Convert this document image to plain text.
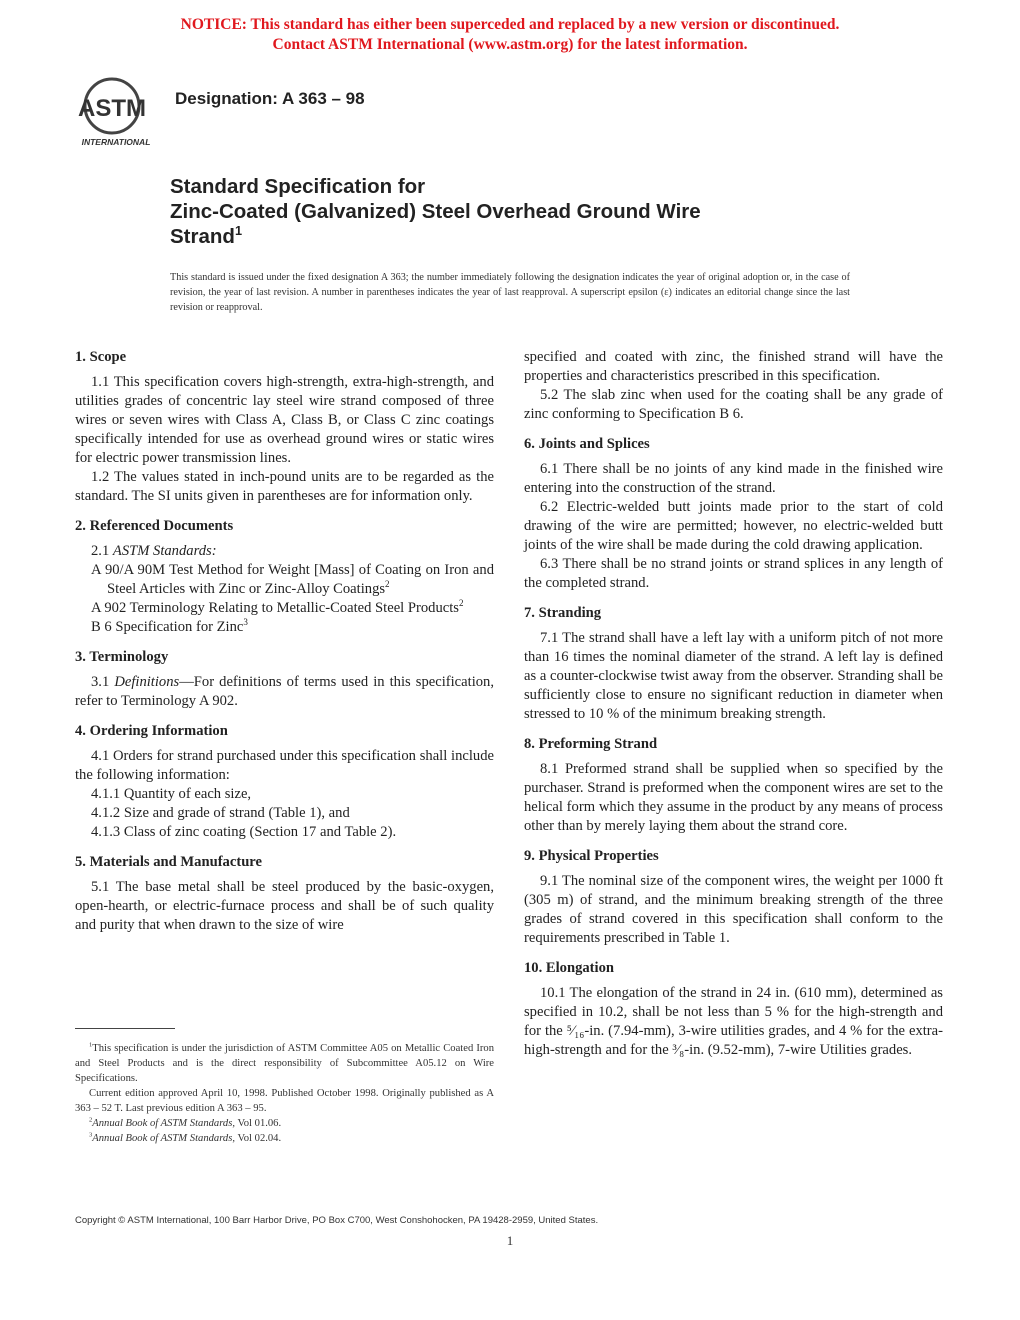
NOTICE: This standard has either been superceded and replaced by a new version or discontinued.
Contact ASTM International (www.astm.org) for the latest information.
ASTM
INTERNATIONAL
Designation: A 363 – 98
Standard Specification for
Zinc-Coated (Galvanized) Steel Overhead Ground Wire
Strand$^1$
This standard is issued under the fixed designation A 363; the number immediately following the designation indicates the year of original adoption or, in the case of revision, the year of last revision. A number in parentheses indicates the year of last reapproval. A superscript epsilon (ε) indicates an editorial change since the last revision or reapproval.
1. Scope

1.1 This specification covers high-strength, extra-high-strength, and utilities grades of concentric lay steel wire strand composed of three wires or seven wires with Class A, Class B, or Class C zinc coatings specifically intended for use as overhead ground wires or static wires for electric power transmission lines.

1.2 The values stated in inch-pound units are to be regarded as the standard. The SI units given in parentheses are for information only.

2. Referenced Documents

2.1 ASTM Standards:

A 90/A 90M Test Method for Weight [Mass] of Coating on Iron and Steel Articles with Zinc or Zinc-Alloy Coatings$^2$

A 902 Terminology Relating to Metallic-Coated Steel Products$^2$

B 6 Specification for Zinc$^3$

3. Terminology

3.1 Definitions—For definitions of terms used in this specification, refer to Terminology A 902.

4. Ordering Information

4.1 Orders for strand purchased under this specification shall include the following information:

4.1.1 Quantity of each size,

4.1.2 Size and grade of strand (Table 1), and

4.1.3 Class of zinc coating (Section 17 and Table 2).

5. Materials and Manufacture

5.1 The base metal shall be steel produced by the basic-oxygen, open-hearth, or electric-furnace process and shall be of such quality and purity that when drawn to the size of wire

specified and coated with zinc, the finished strand will have the properties and characteristics prescribed in this specification.

5.2 The slab zinc when used for the coating shall be any grade of zinc conforming to Specification B 6.

6. Joints and Splices

6.1 There shall be no joints of any kind made in the finished wire entering into the construction of the strand.

6.2 Electric-welded butt joints made prior to the start of cold drawing of the wire are permitted; however, no electric-welded butt joints of the wire shall be made during the cold drawing application.

6.3 There shall be no strand joints or strand splices in any length of the completed strand.

7. Stranding

7.1 The strand shall have a left lay with a uniform pitch of not more than 16 times the nominal diameter of the strand. A left lay is defined as a counter-clockwise twist away from the observer. Stranding shall be sufficiently close to ensure no significant reduction in diameter when stressed to 10 % of the minimum breaking strength.

8. Preforming Strand

8.1 Preformed strand shall be supplied when so specified by the purchaser. Strand is preformed when the component wires are set to the helical form which they assume in the product by any means of process other than by merely laying them about the strand core.

9. Physical Properties

9.1 The nominal size of the component wires, the weight per 1000 ft (305 m) of strand, and the minimum breaking strength of the three grades of strand covered in this specification shall conform to the requirements prescribed in Table 1.

10. Elongation

10.1 The elongation of the strand in 24 in. (610 mm), determined as specified in 10.2, shall be not less than 5 % for the high-strength and for the ⁵⁄₁₆-in. (7.94-mm), 3-wire utilities grades, and 4 % for the extra-high-strength and for the ³⁄₈-in. (9.52-mm), 7-wire Utilities grades.

$^1$This specification is under the jurisdiction of ASTM Committee A05 on Metallic Coated Iron and Steel Products and is the direct responsibility of Subcommittee A05.12 on Wire Specifications.

Current edition approved April 10, 1998. Published October 1998. Originally published as A 363 – 52 T. Last previous edition A 363 – 95.

$^2$Annual Book of ASTM Standards, Vol 01.06.

$^3$Annual Book of ASTM Standards, Vol 02.04.

Copyright © ASTM International, 100 Barr Harbor Drive, PO Box C700, West Conshohocken, PA 19428-2959, United States.
1
